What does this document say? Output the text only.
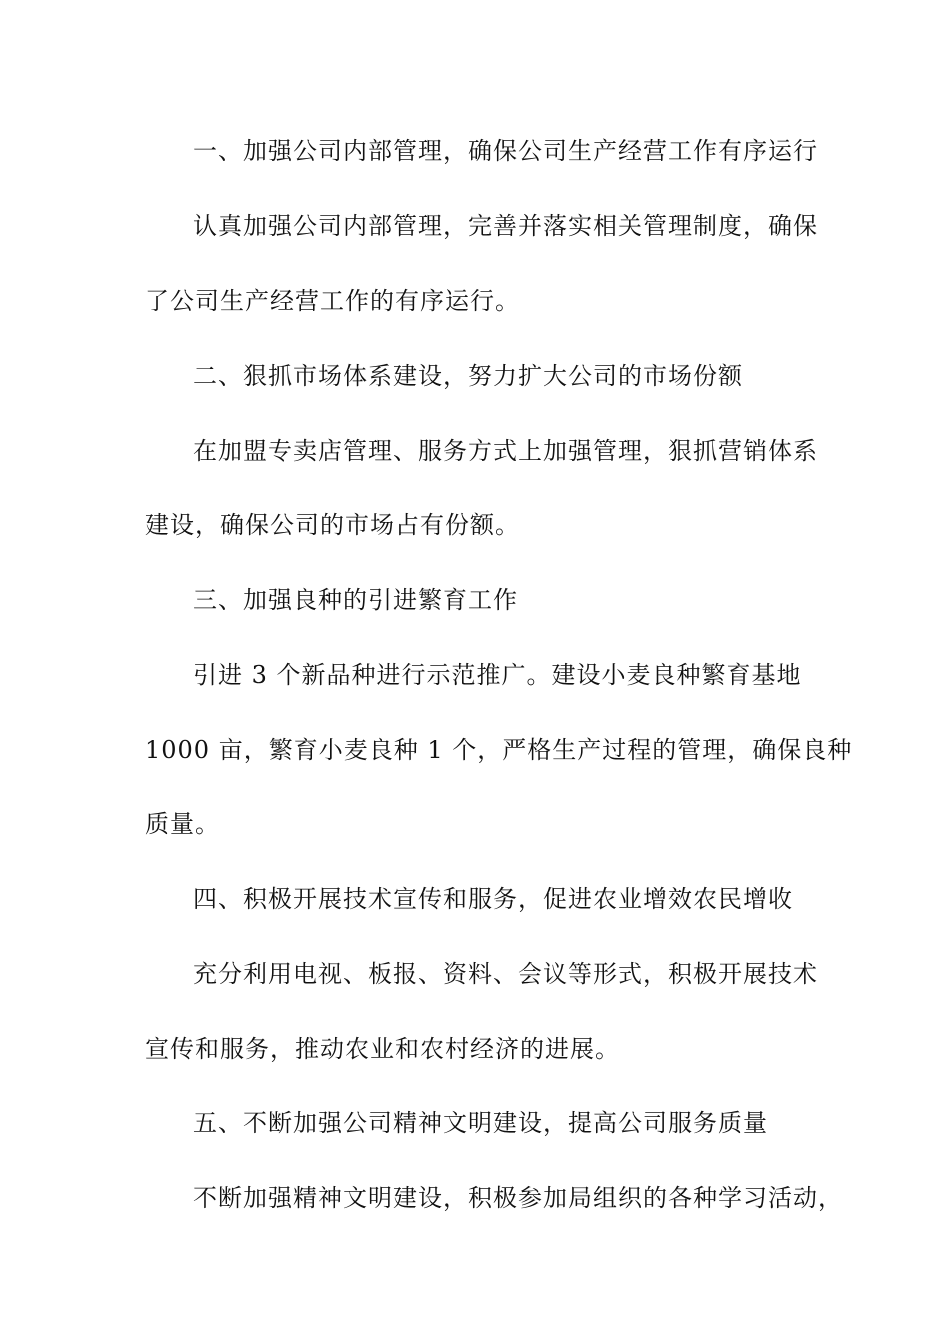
一、加强公司内部管理，确保公司生产经营工作有序运行
认真加强公司内部管理，完善并落实相关管理制度，确保
了公司生产经营工作的有序运行。
二、狠抓市场体系建设，努力扩大公司的市场份额
在加盟专卖店管理、服务方式上加强管理，狠抓营销体系
建设，确保公司的市场占有份额。
三、加强良种的引进繁育工作
引进 3 个新品种进行示范推广。建设小麦良种繁育基地
1000 亩，繁育小麦良种 1 个，严格生产过程的管理，确保良种
质量。
四、积极开展技术宣传和服务，促进农业增效农民增收
充分利用电视、板报、资料、会议等形式，积极开展技术
宣传和服务，推动农业和农村经济的进展。
五、不断加强公司精神文明建设，提高公司服务质量
不断加强精神文明建设，积极参加局组织的各种学习活动，
